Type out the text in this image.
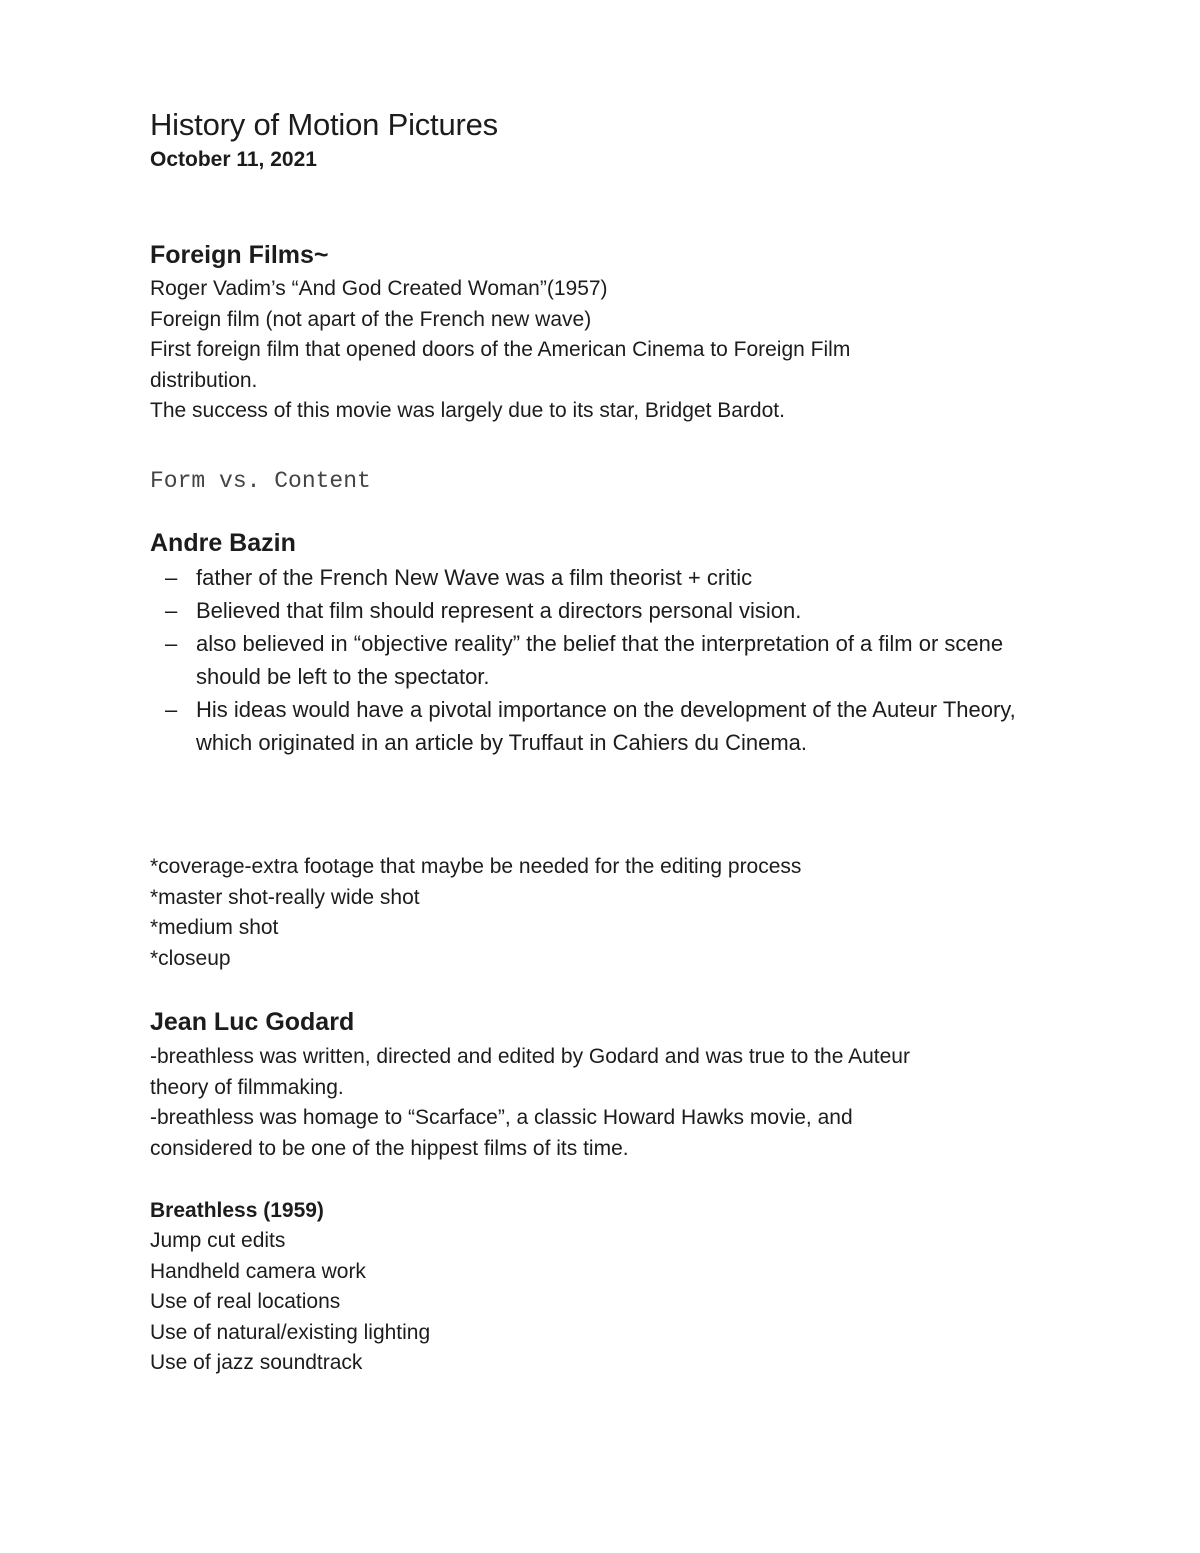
History of Motion Pictures
October 11, 2021
Foreign Films~

Roger Vadim’s “And God Created Woman”(1957)

Foreign film (not apart of the French new wave)

First foreign film that opened doors of the American Cinema to Foreign Film

distribution.

The success of this movie was largely due to its star, Bridget Bardot.

Form vs. Content
Andre Bazin
– father of the French New Wave was a film theorist + critic
– Believed that film should represent a directors personal vision.
– also believed in “objective reality” the belief that the interpretation of a film or scene should be left to the spectator.
– His ideas would have a pivotal importance on the development of the Auteur Theory, which originated in an article by Truffaut in Cahiers du Cinema.

*coverage-extra footage that maybe be needed for the editing process

*master shot-really wide shot

*medium shot

*closeup

Jean Luc Godard

-breathless was written, directed and edited by Godard and was true to the Auteur

theory of filmmaking.

-breathless was homage to “Scarface”, a classic Howard Hawks movie, and

considered to be one of the hippest films of its time.

Breathless (1959)

Jump cut edits

Handheld camera work

Use of real locations

Use of natural/existing lighting

Use of jazz soundtrack
